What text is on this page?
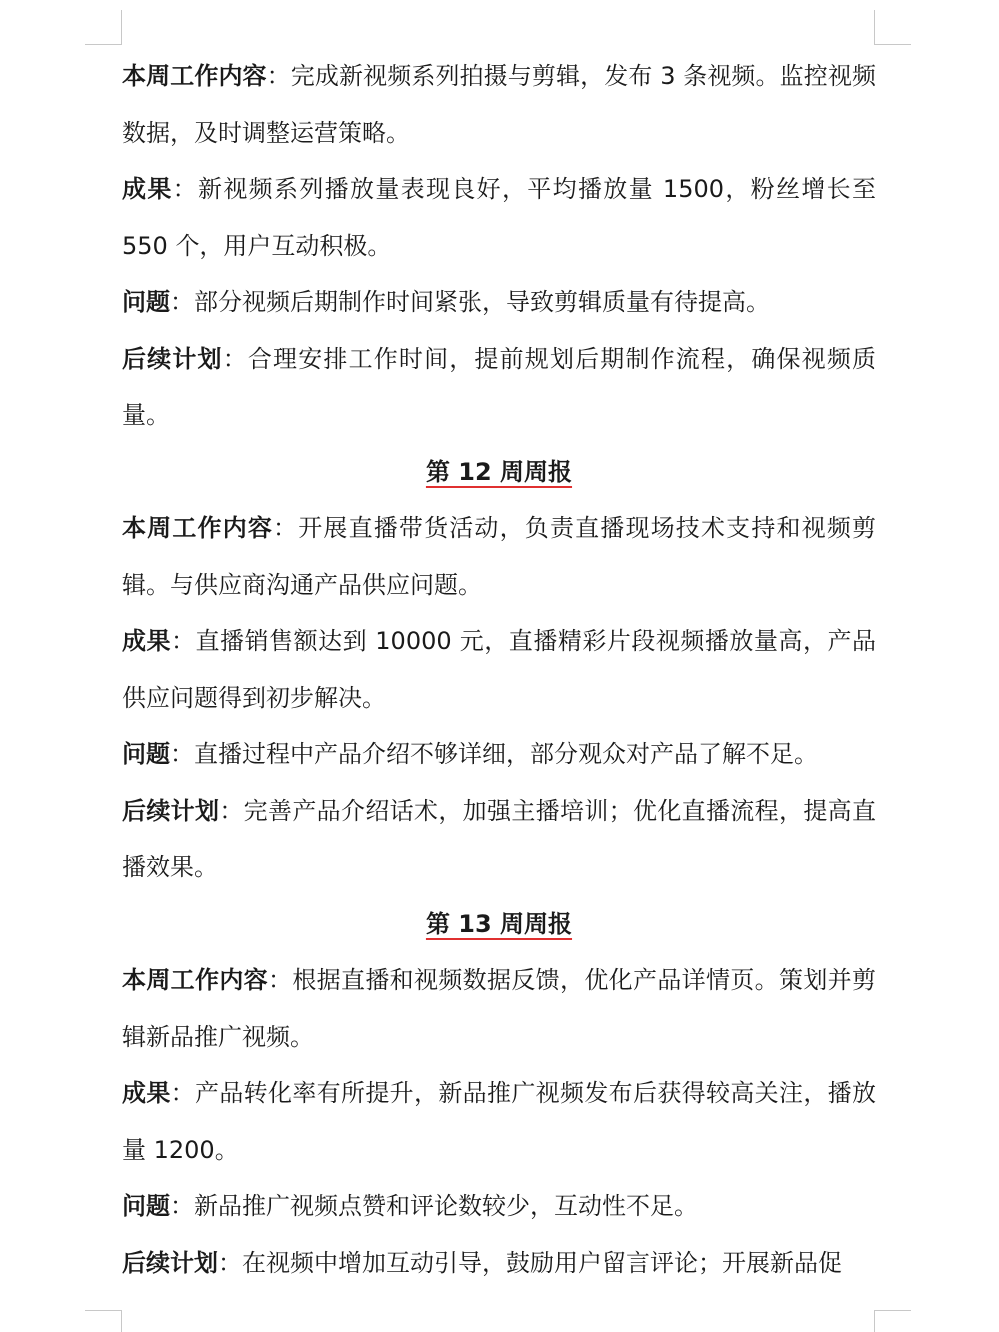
本周工作内容：完成新视频系列拍摄与剪辑，发布 3 条视频。监控视频数据，及时调整运营策略。

成果：新视频系列播放量表现良好，平均播放量 1500，粉丝增长至550 个，用户互动积极。

问题：部分视频后期制作时间紧张，导致剪辑质量有待提高。

后续计划：合理安排工作时间，提前规划后期制作流程，确保视频质量。

第 12 周周报

本周工作内容：开展直播带货活动，负责直播现场技术支持和视频剪辑。与供应商沟通产品供应问题。

成果：直播销售额达到 10000 元，直播精彩片段视频播放量高，产品供应问题得到初步解决。

问题：直播过程中产品介绍不够详细，部分观众对产品了解不足。

后续计划：完善产品介绍话术，加强主播培训；优化直播流程，提高直播效果。

第 13 周周报

本周工作内容：根据直播和视频数据反馈，优化产品详情页。策划并剪辑新品推广视频。

成果：产品转化率有所提升，新品推广视频发布后获得较高关注，播放量 1200。

问题：新品推广视频点赞和评论数较少，互动性不足。

后续计划：在视频中增加互动引导，鼓励用户留言评论；开展新品促
